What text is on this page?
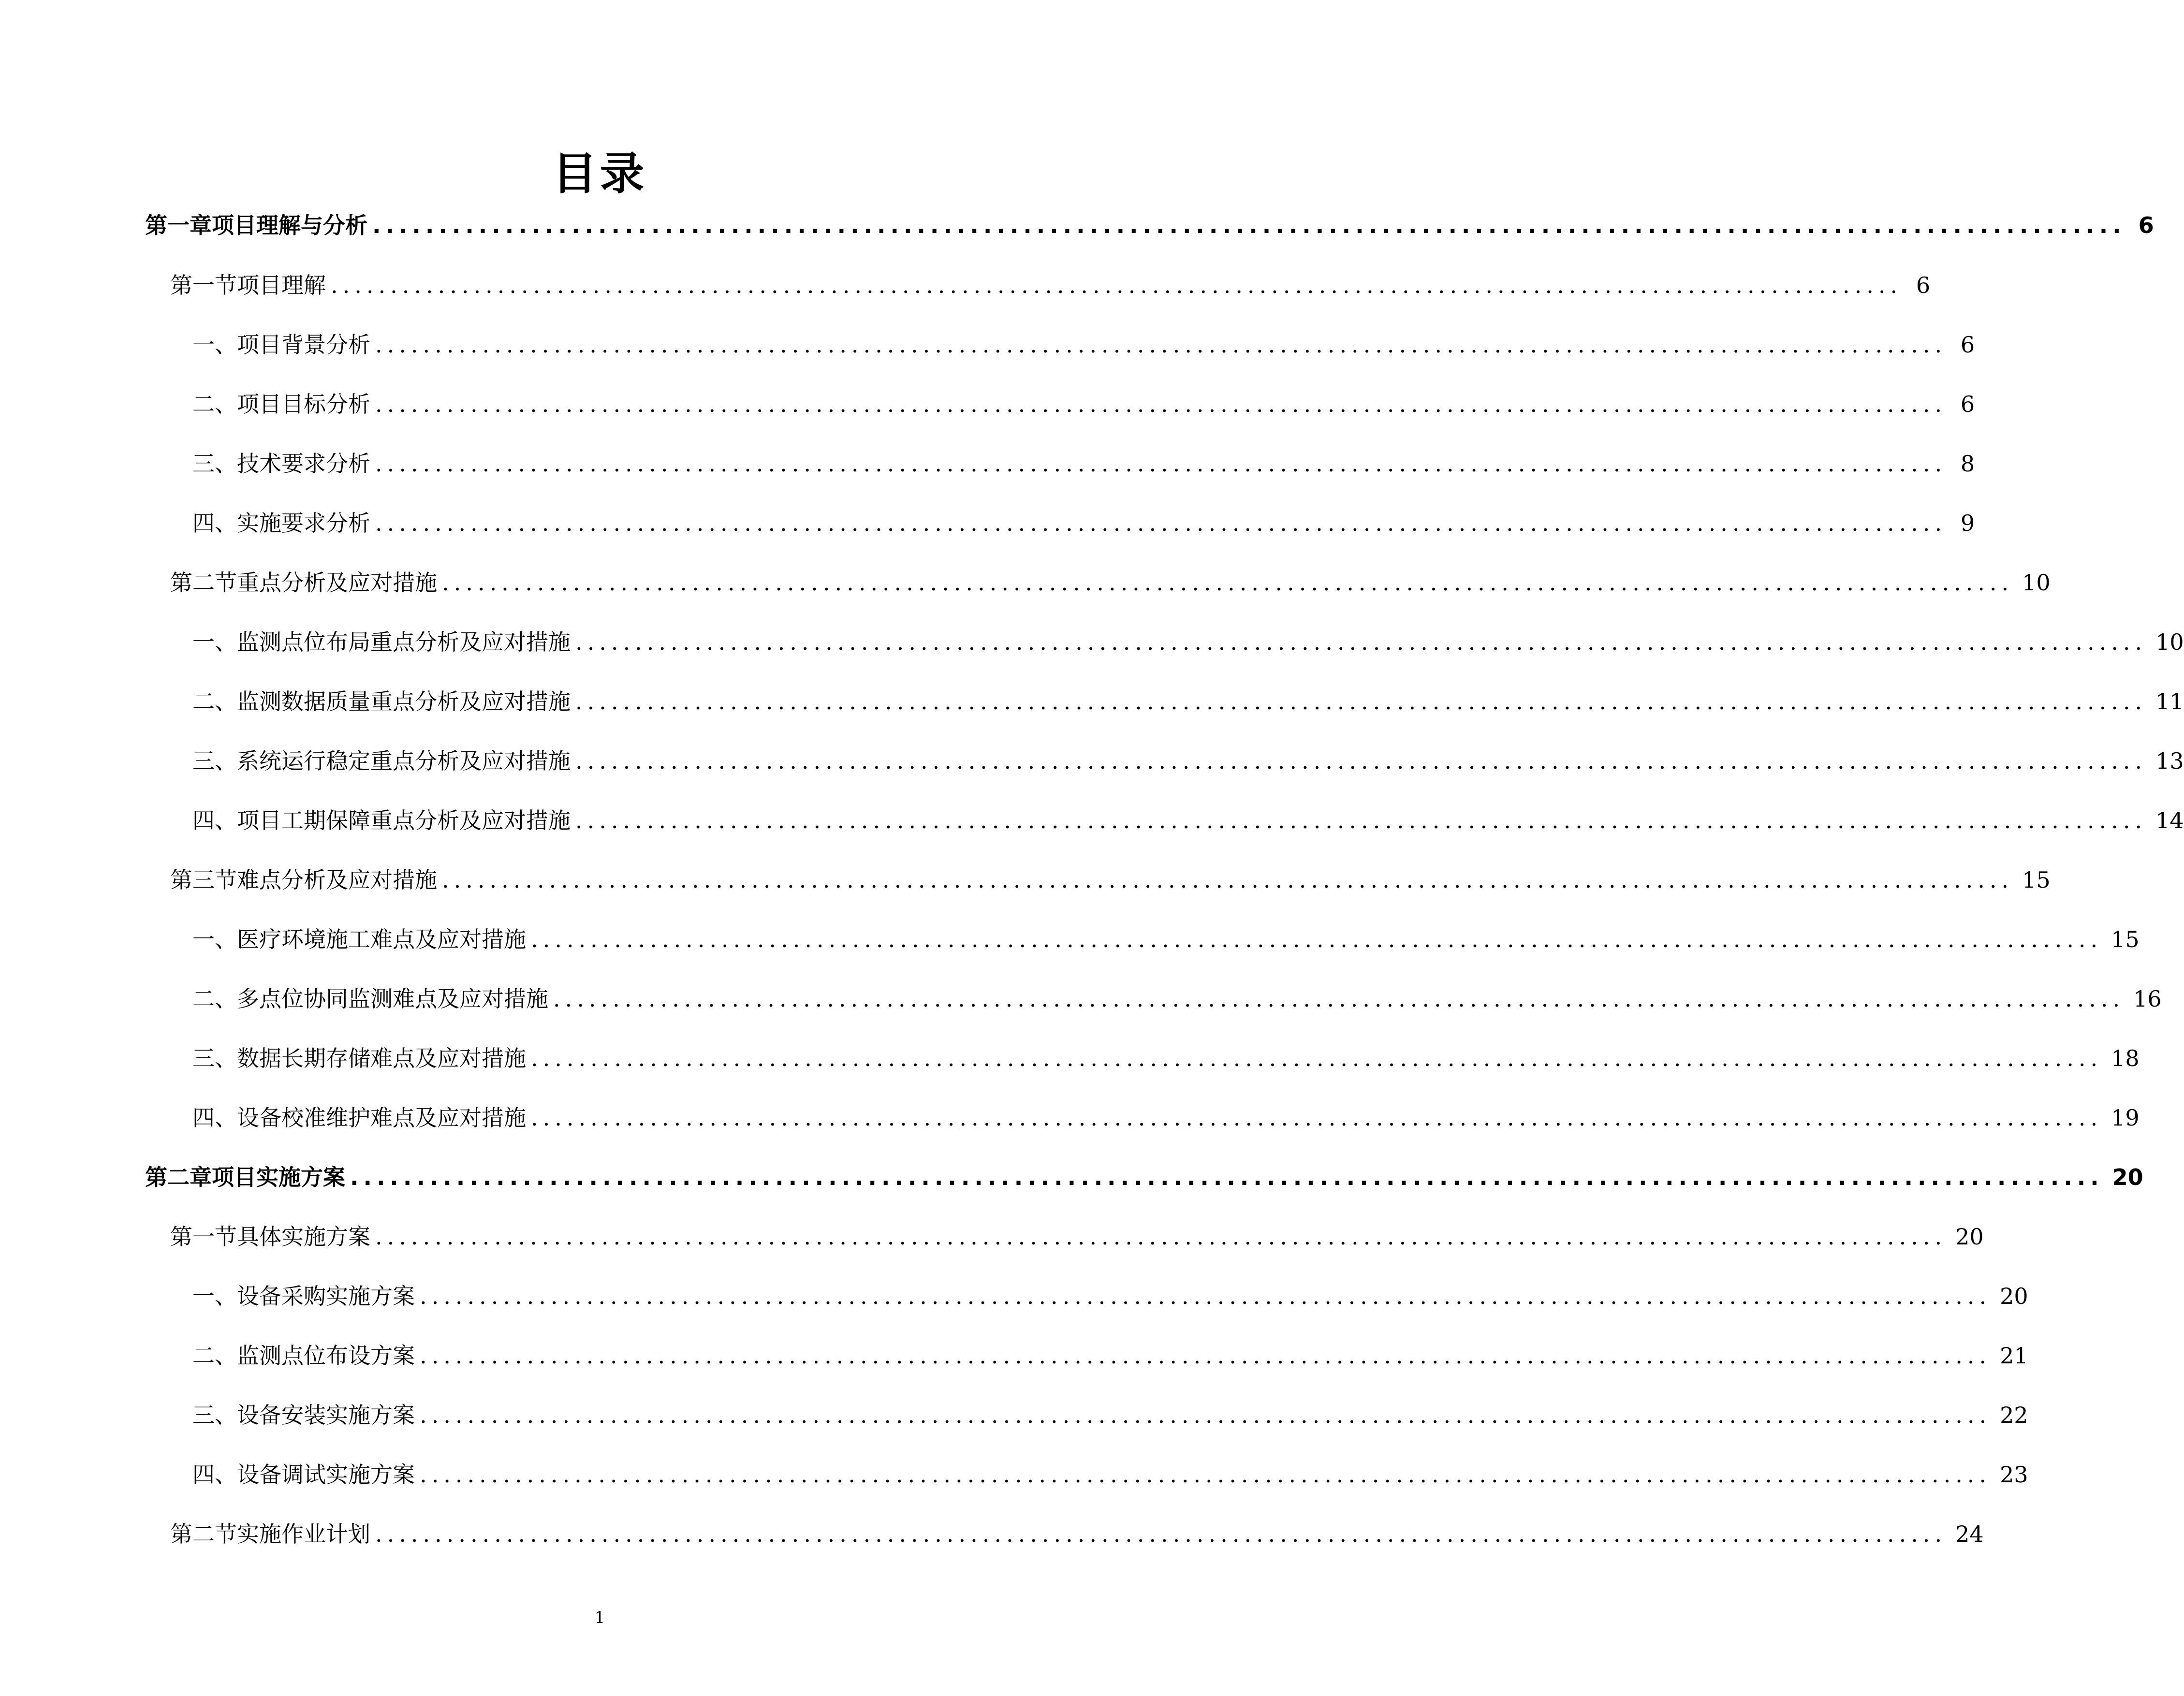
目录
第一章 项目理解与分析 .................................................................................................................................... 6
第一节 项目理解 .................................................................................................................................... 6
一、 项目背景分析 .................................................................................................................................... 6
二、 项目目标分析 .................................................................................................................................... 6
三、 技术要求分析 .................................................................................................................................... 8
四、 实施要求分析 .................................................................................................................................... 9
第二节 重点分析及应对措施 .................................................................................................................................... 10
一、 监测点位布局重点分析及应对措施 .................................................................................................................................... 10
二、 监测数据质量重点分析及应对措施 .................................................................................................................................... 11
三、 系统运行稳定重点分析及应对措施 .................................................................................................................................... 13
四、 项目工期保障重点分析及应对措施 .................................................................................................................................... 14
第三节 难点分析及应对措施 .................................................................................................................................... 15
一、 医疗环境施工难点及应对措施 .................................................................................................................................... 15
二、 多点位协同监测难点及应对措施 .................................................................................................................................... 16
三、 数据长期存储难点及应对措施 .................................................................................................................................... 18
四、 设备校准维护难点及应对措施 .................................................................................................................................... 19
第二章 项目实施方案 .................................................................................................................................... 20
第一节 具体实施方案 .................................................................................................................................... 20
一、 设备采购实施方案 .................................................................................................................................... 20
二、 监测点位布设方案 .................................................................................................................................... 21
三、 设备安装实施方案 .................................................................................................................................... 22
四、 设备调试实施方案 .................................................................................................................................... 23
第二节 实施作业计划 .................................................................................................................................... 24
1
